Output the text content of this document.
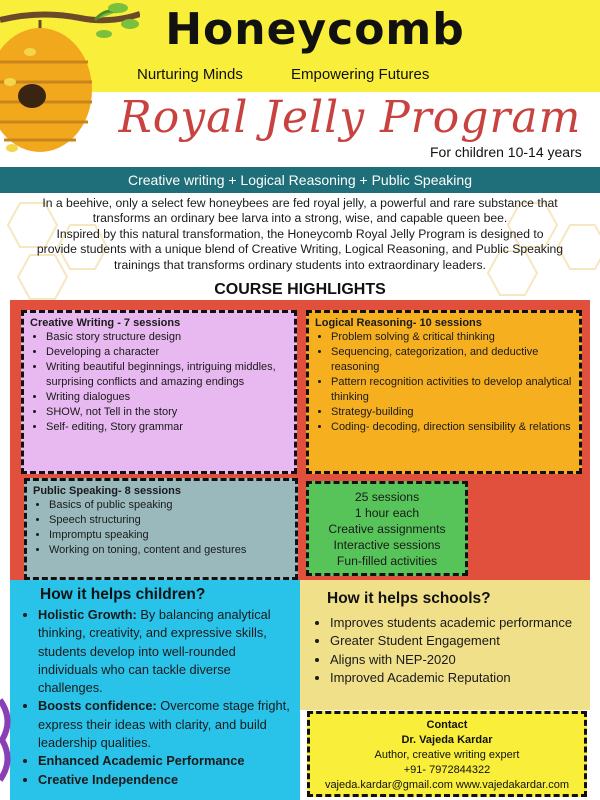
Honeycomb
Nurturing Minds	Empowering Futures
Royal Jelly Program
For children 10-14 years
Creative writing + Logical Reasoning + Public Speaking
In a beehive, only a select few honeybees are fed royal jelly, a powerful and rare substance that
transforms an ordinary bee larva into a strong, wise, and capable queen bee.
Inspired by this natural transformation, the Honeycomb Royal Jelly Program is designed to
provide students with a unique blend of Creative Writing, Logical Reasoning, and Public Speaking
trainings that transforms ordinary students into extraordinary leaders.
COURSE HIGHLIGHTS
Creative Writing - 7 sessions
• Basic story structure design
• Developing a character
• Writing beautiful beginnings, intriguing middles, surprising conflicts and amazing endings
• Writing dialogues
• SHOW, not Tell in the story
• Self- editing, Story grammar
Logical Reasoning- 10 sessions
• Problem solving & critical thinking
• Sequencing, categorization, and deductive reasoning
• Pattern recognition activities to develop analytical thinking
• Strategy-building
• Coding- decoding, direction sensibility & relations
Public Speaking- 8 sessions
• Basics of public speaking
• Speech structuring
• Impromptu speaking
• Working on toning, content and gestures
25 sessions
1 hour each
Creative assignments
Interactive sessions
Fun-filled activities
How it helps children?
• Holistic Growth: By balancing analytical thinking, creativity, and expressive skills, students develop into well-rounded individuals who can tackle diverse challenges.
• Boosts confidence: Overcome stage fright, express their ideas with clarity, and build leadership qualities.
• Enhanced Academic Performance
• Creative Independence
How it helps schools?
• Improves students academic performance
• Greater Student Engagement
• Aligns with NEP-2020
• Improved Academic Reputation
Contact
Dr. Vajeda Kardar
Author, creative writing expert
+91- 7972844322
vajeda.kardar@gmail.com www.vajedakardar.com
